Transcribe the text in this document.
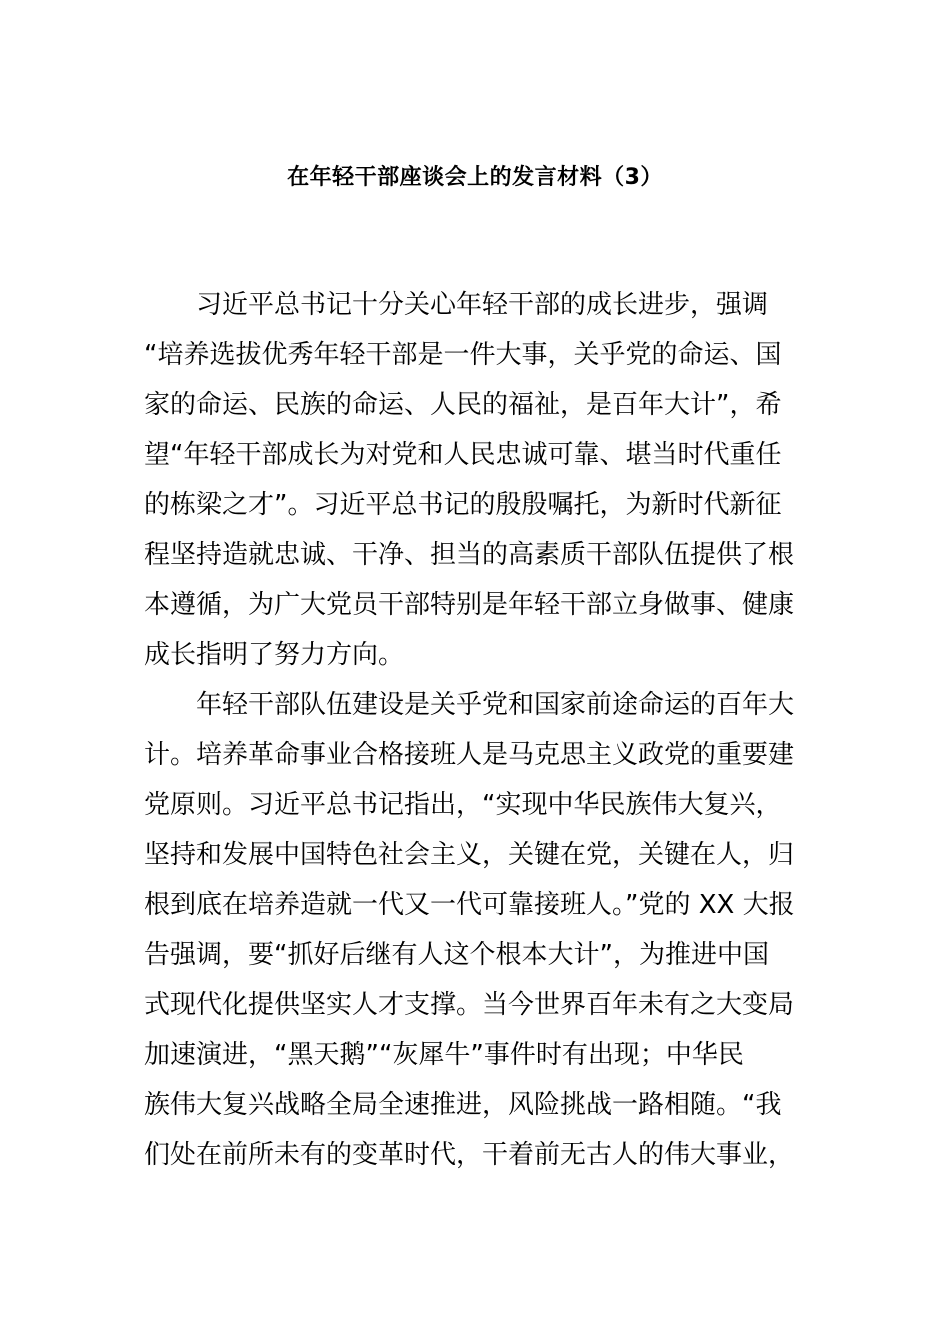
在年轻干部座谈会上的发言材料（3）
习近平总书记十分关心年轻干部的成长进步，强调
“培养选拔优秀年轻干部是一件大事，关乎党的命运、国
家的命运、民族的命运、人民的福祉，是百年大计”，希
望“年轻干部成长为对党和人民忠诚可靠、堪当时代重任
的栋梁之才”。习近平总书记的殷殷嘱托，为新时代新征
程坚持造就忠诚、干净、担当的高素质干部队伍提供了根
本遵循，为广大党员干部特别是年轻干部立身做事、健康
成长指明了努力方向。
年轻干部队伍建设是关乎党和国家前途命运的百年大
计。培养革命事业合格接班人是马克思主义政党的重要建
党原则。习近平总书记指出，“实现中华民族伟大复兴，
坚持和发展中国特色社会主义，关键在党，关键在人，归
根到底在培养造就一代又一代可靠接班人。”党的 XX 大报
告强调，要“抓好后继有人这个根本大计”，为推进中国
式现代化提供坚实人才支撑。当今世界百年未有之大变局
加速演进，“黑天鹅”“灰犀牛”事件时有出现；中华民
族伟大复兴战略全局全速推进，风险挑战一路相随。“我
们处在前所未有的变革时代，干着前无古人的伟大事业，
